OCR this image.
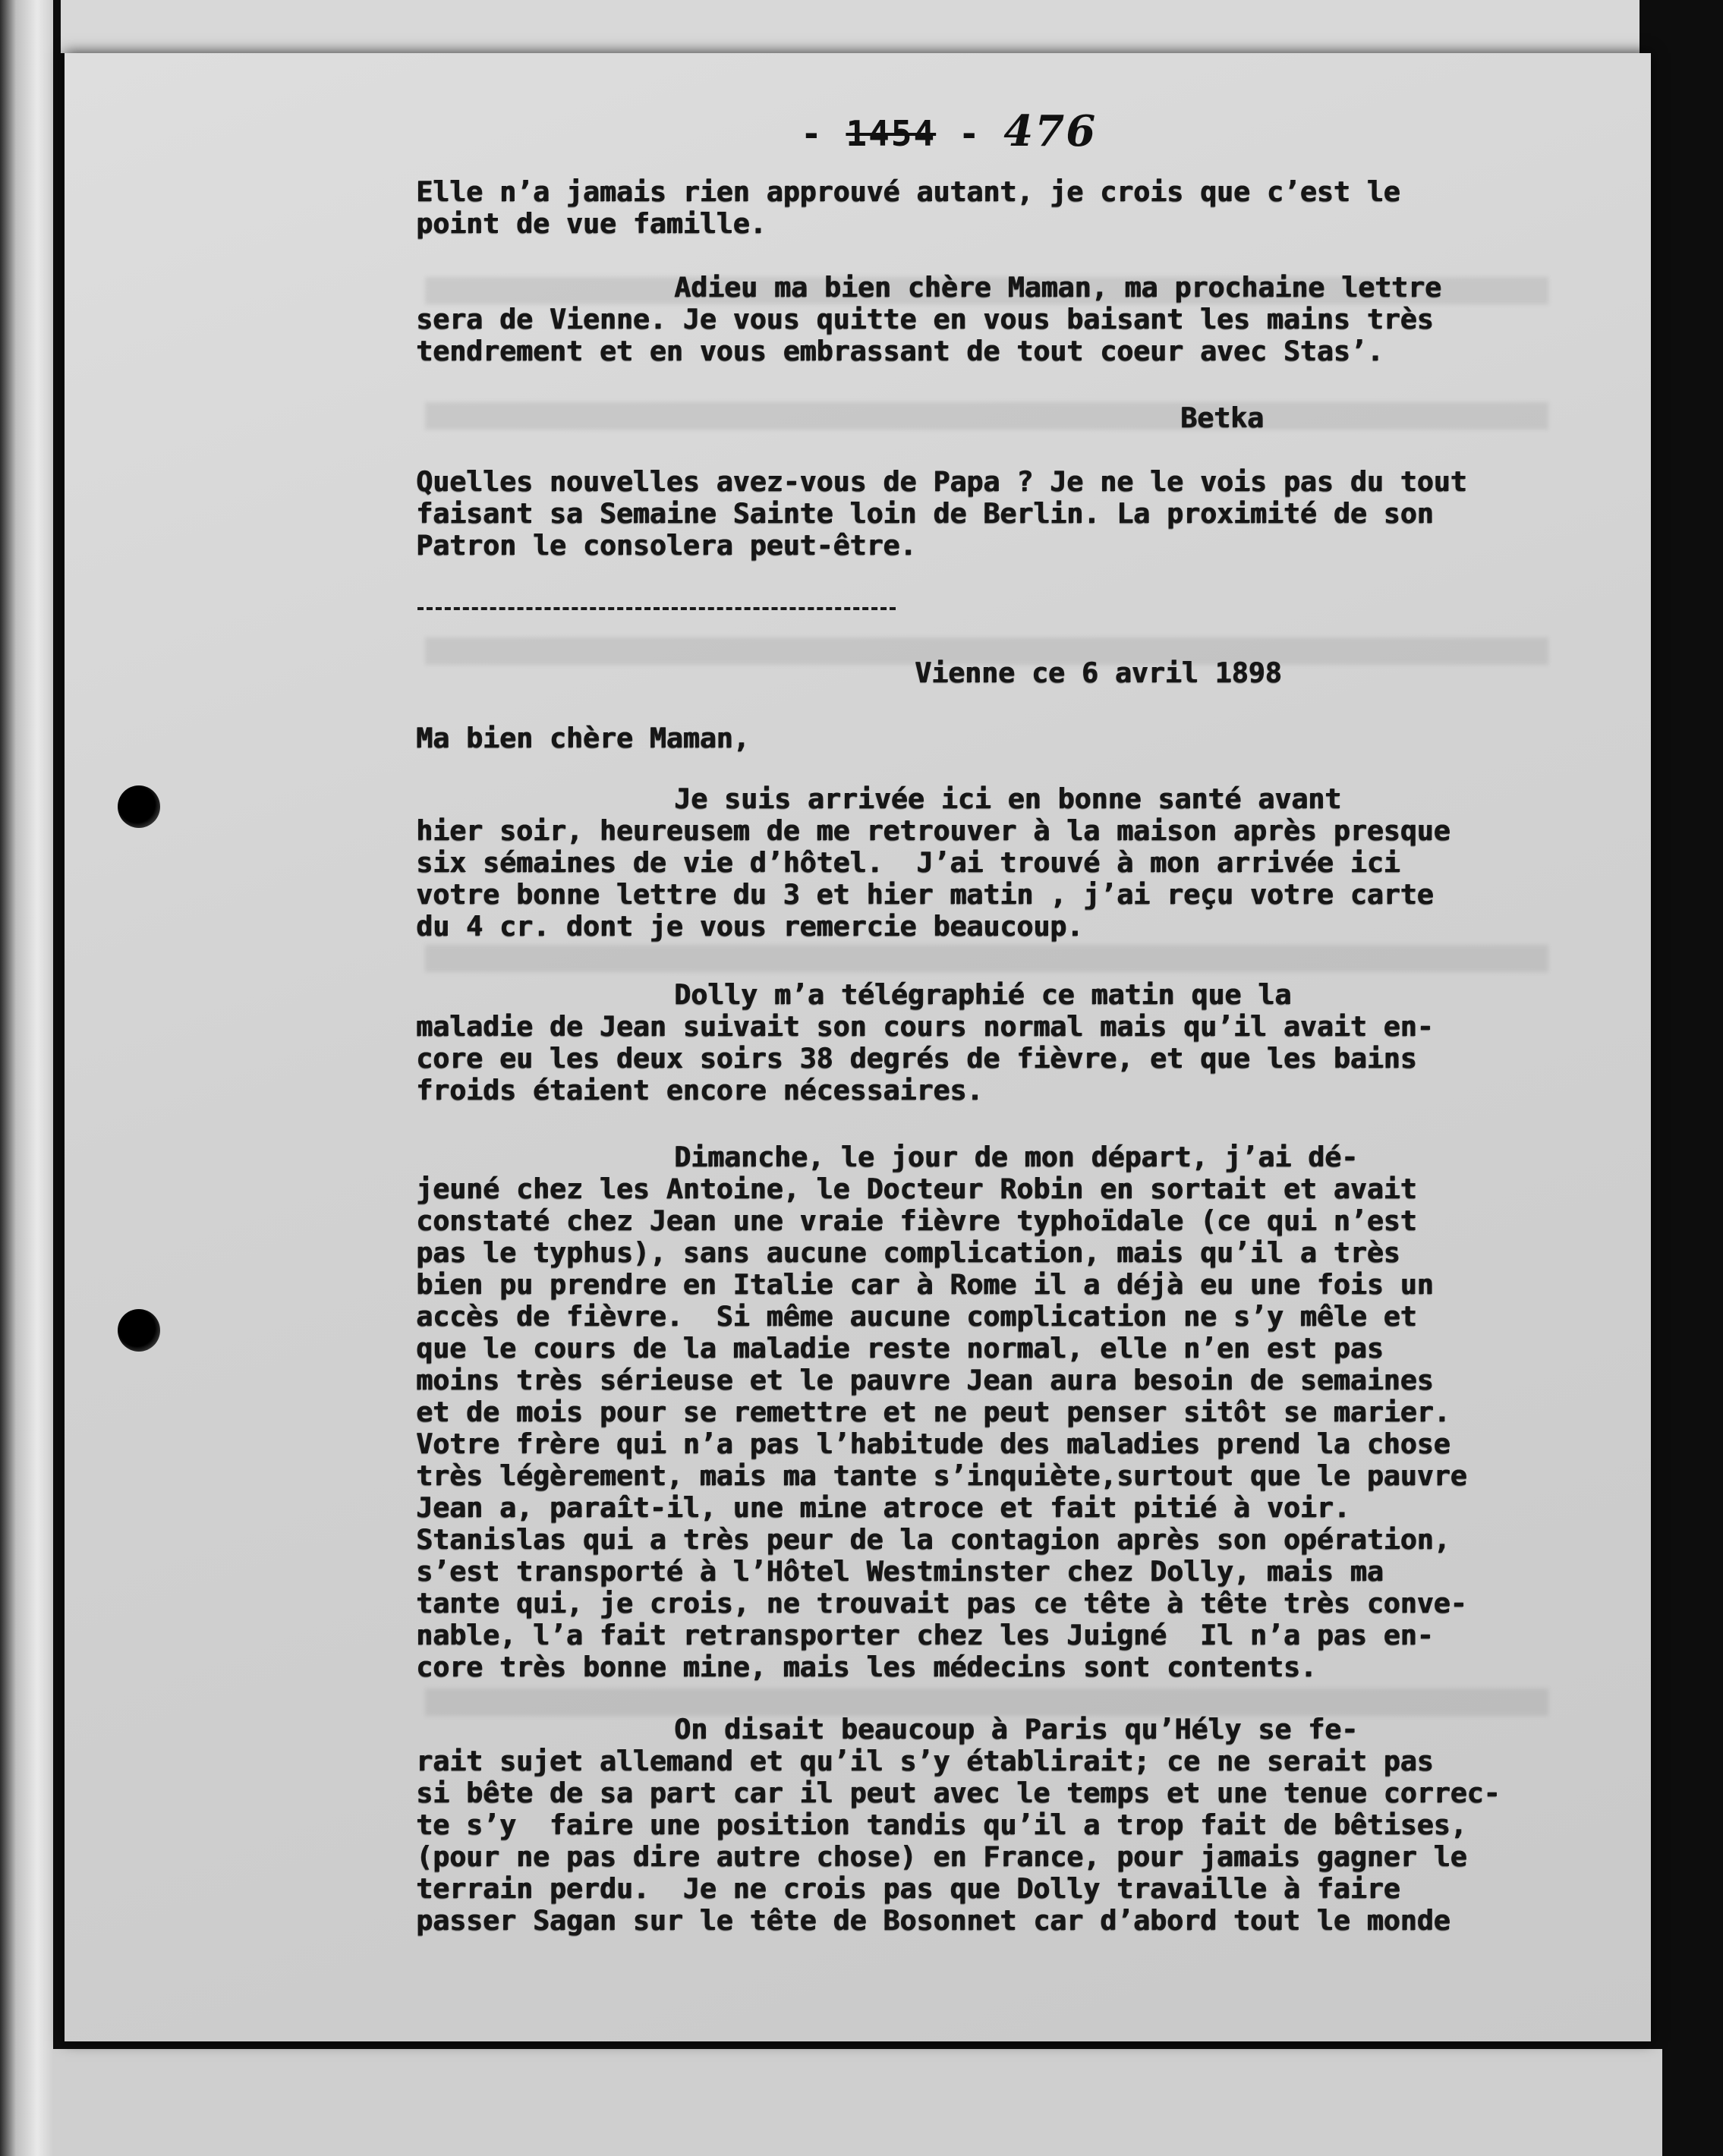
- 1454 - 476
Elle n’a jamais rien approuvé autant, je crois que c’est le
point de vue famille.
Adieu ma bien chère Maman, ma prochaine lettre
sera de Vienne. Je vous quitte en vous baisant les mains très
tendrement et en vous embrassant de tout coeur avec Stas’.
Betka
Quelles nouvelles avez-vous de Papa ? Je ne le vois pas du tout
faisant sa Semaine Sainte loin de Berlin. La proximité de son
Patron le consolera peut-être.
Vienne ce 6 avril 1898
Ma bien chère Maman,
Je suis arrivée ici en bonne santé avant
hier soir, heureusem de me retrouver à la maison après presque
six sémaines de vie d’hôtel.  J’ai trouvé à mon arrivée ici
votre bonne lettre du 3 et hier matin , j’ai reçu votre carte
du 4 cr. dont je vous remercie beaucoup.
Dolly m’a télégraphié ce matin que la
maladie de Jean suivait son cours normal mais qu’il avait en-
core eu les deux soirs 38 degrés de fièvre, et que les bains
froids étaient encore nécessaires.
Dimanche, le jour de mon départ, j’ai dé-
jeuné chez les Antoine, le Docteur Robin en sortait et avait
constaté chez Jean une vraie fièvre typhoïdale (ce qui n’est
pas le typhus), sans aucune complication, mais qu’il a très
bien pu prendre en Italie car à Rome il a déjà eu une fois un
accès de fièvre.  Si même aucune complication ne s’y mêle et
que le cours de la maladie reste normal, elle n’en est pas
moins très sérieuse et le pauvre Jean aura besoin de semaines
et de mois pour se remettre et ne peut penser sitôt se marier.
Votre frère qui n’a pas l’habitude des maladies prend la chose
très légèrement, mais ma tante s’inquiète,surtout que le pauvre
Jean a, paraît-il, une mine atroce et fait pitié à voir.
Stanislas qui a très peur de la contagion après son opération,
s’est transporté à l’Hôtel Westminster chez Dolly, mais ma
tante qui, je crois, ne trouvait pas ce tête à tête très conve-
nable, l’a fait retransporter chez les Juigné  Il n’a pas en-
core très bonne mine, mais les médecins sont contents.
On disait beaucoup à Paris qu’Hély se fe-
rait sujet allemand et qu’il s’y établirait; ce ne serait pas
si bête de sa part car il peut avec le temps et une tenue correc-
te s’y  faire une position tandis qu’il a trop fait de bêtises,
(pour ne pas dire autre chose) en France, pour jamais gagner le
terrain perdu.  Je ne crois pas que Dolly travaille à faire
passer Sagan sur le tête de Bosonnet car d’abord tout le monde
